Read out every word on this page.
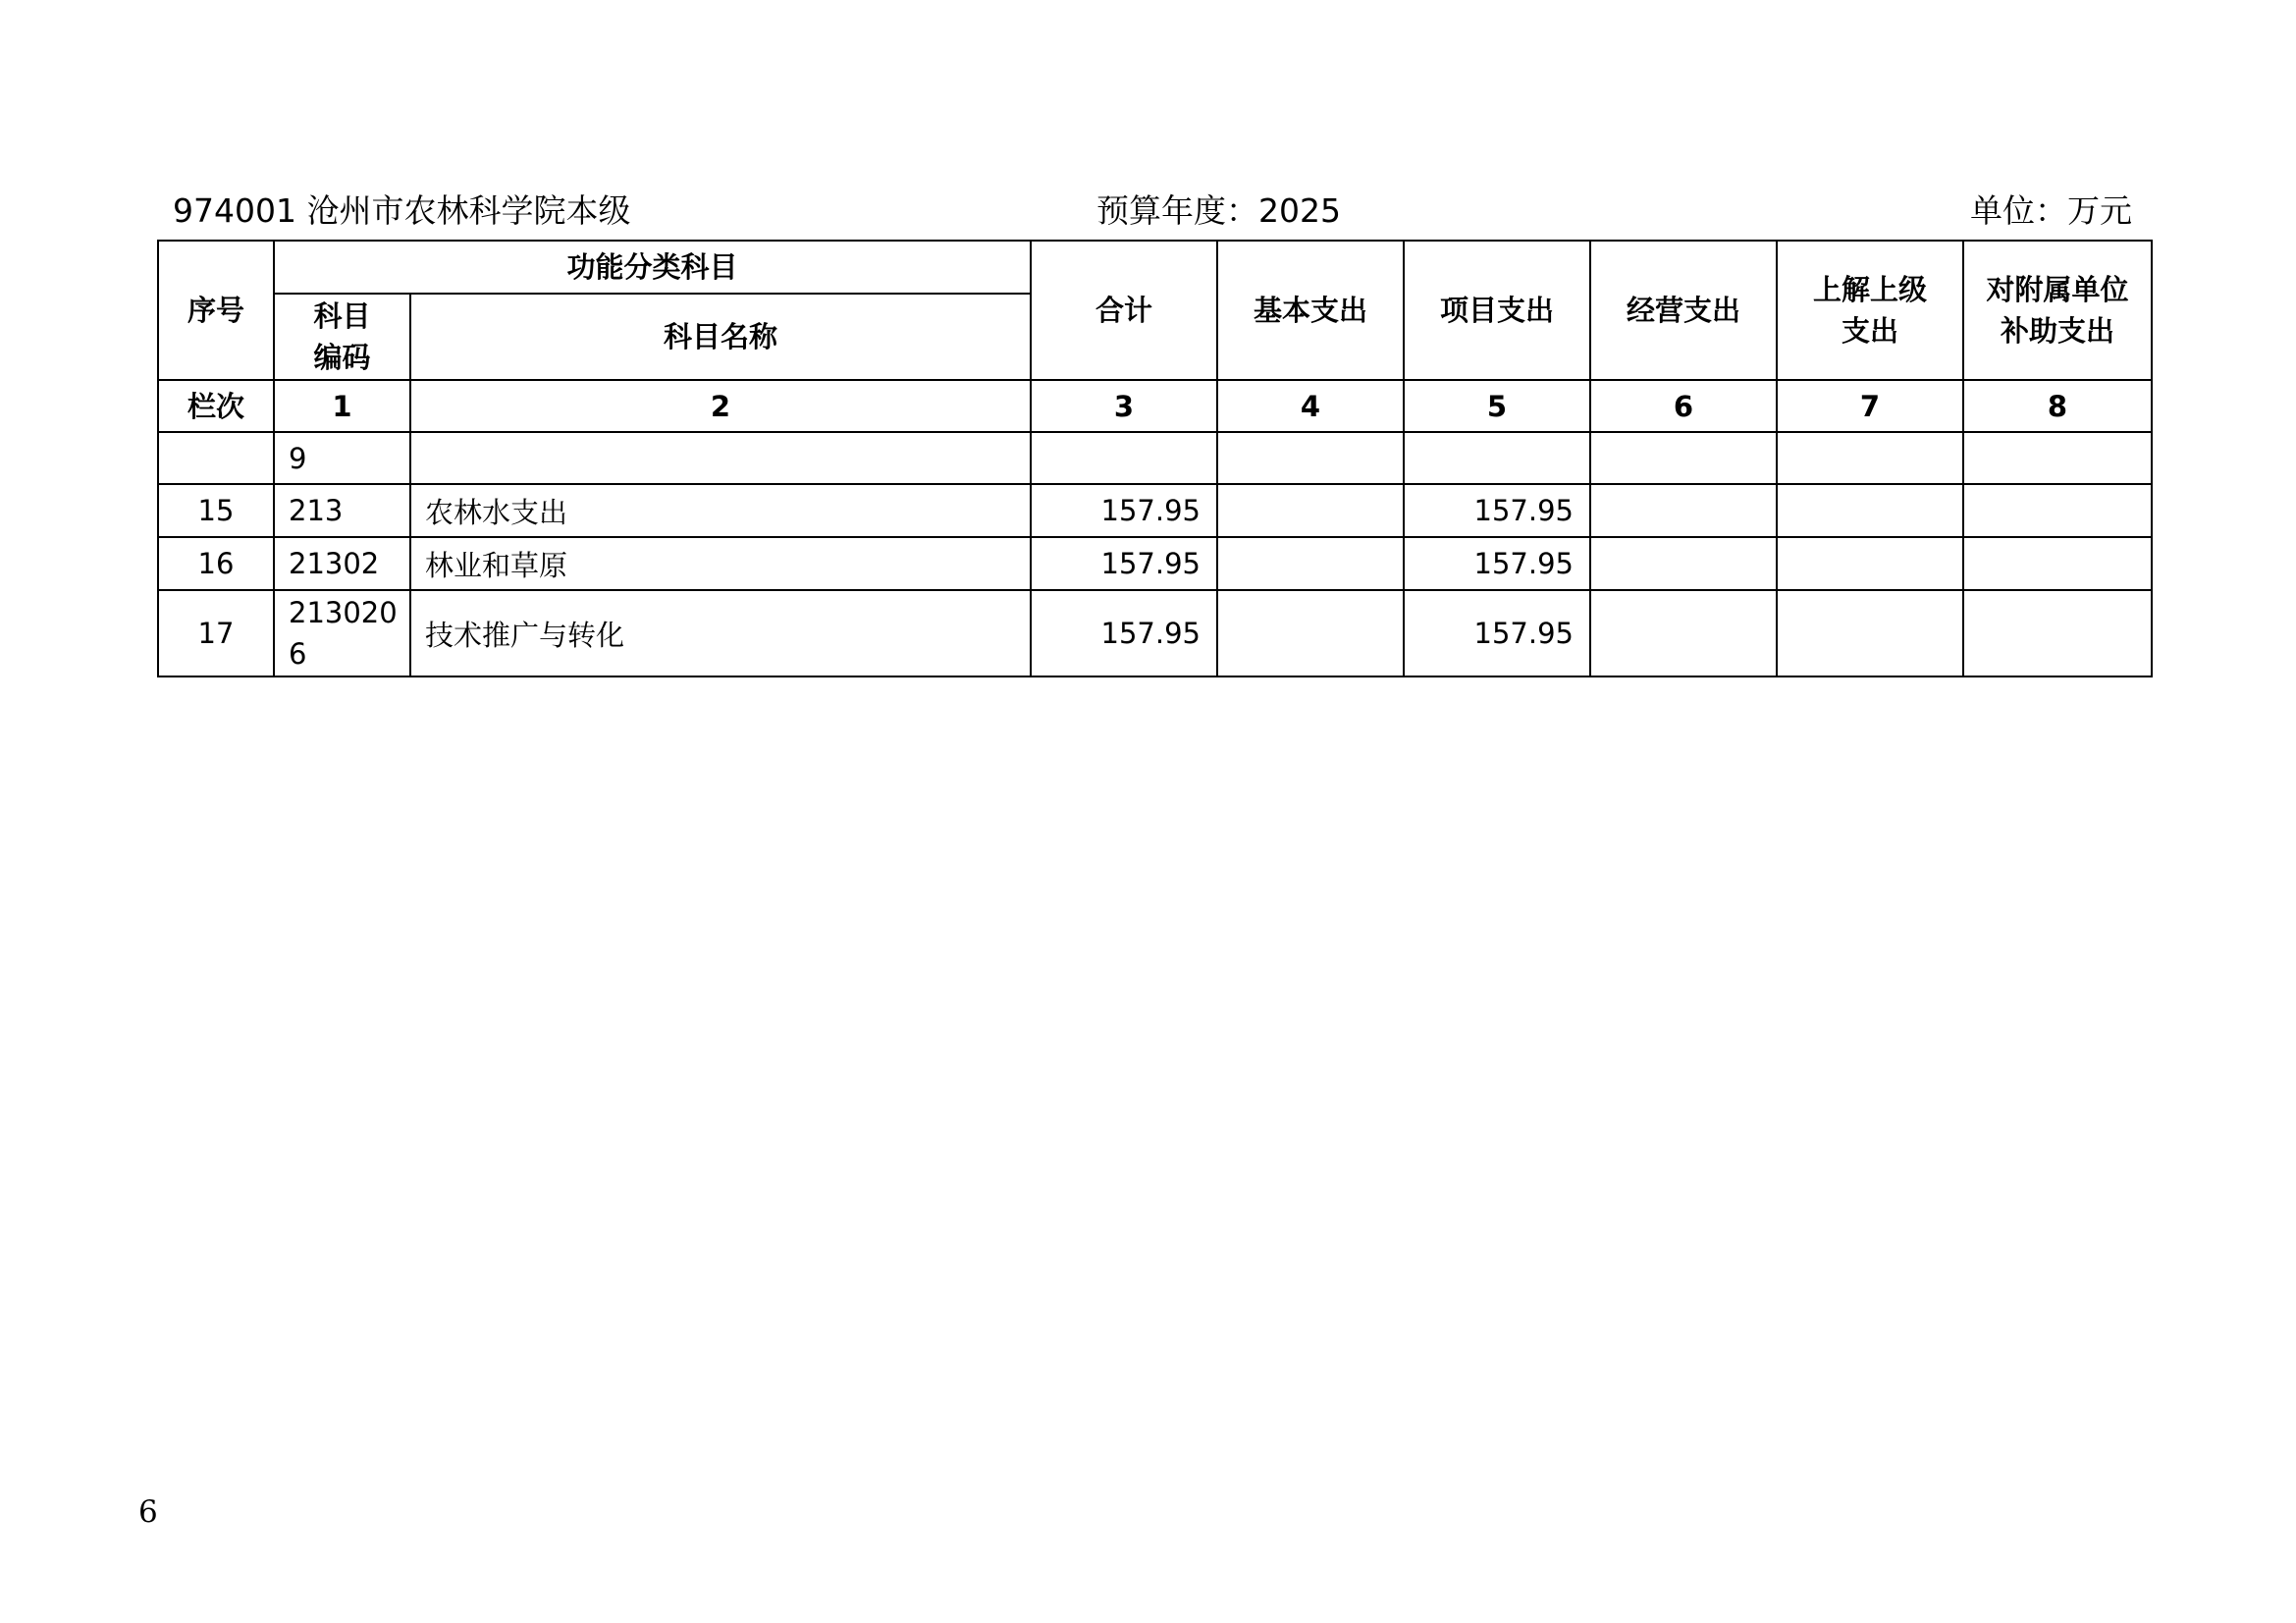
974001 沧州市农林科学院本级	预算年度：2025	单位：万元
序号	功能分类科目		合计	基本支出	项目支出	经营支出	上解上级支出	对附属单位补助支出
	科目编码	科目名称						
栏次	1	2	3	4	5	6	7	8
	9							
15	213	农林水支出	157.95		157.95			
16	21302	林业和草原	157.95		157.95			
17	2130206	技术推广与转化	157.95		157.95			
6
